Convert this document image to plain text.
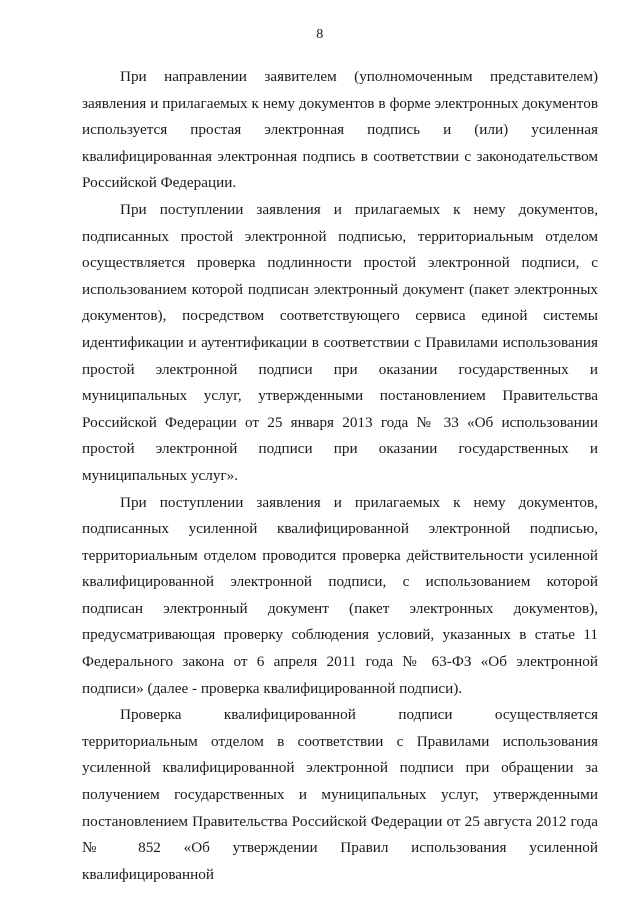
8

При направлении заявителем (уполномоченным представителем) заявления и прилагаемых к нему документов в форме электронных документов используется простая электронная подпись и (или) усиленная квалифицированная электронная подпись в соответствии с законодательством Российской Федерации.

При поступлении заявления и прилагаемых к нему документов, подписанных простой электронной подписью, территориальным отделом осуществляется проверка подлинности простой электронной подписи, с использованием которой подписан электронный документ (пакет электронных документов), посредством соответствующего сервиса единой системы идентификации и аутентификации в соответствии с Правилами использования простой электронной подписи при оказании государственных и муниципальных услуг, утвержденными постановлением Правительства Российской Федерации от 25 января 2013 года № 33 «Об использовании простой электронной подписи при оказании государственных и муниципальных услуг».

При поступлении заявления и прилагаемых к нему документов, подписанных усиленной квалифицированной электронной подписью, территориальным отделом проводится проверка действительности усиленной квалифицированной электронной подписи, с использованием которой подписан электронный документ (пакет электронных документов), предусматривающая проверку соблюдения условий, указанных в статье 11 Федерального закона от 6 апреля 2011 года № 63-ФЗ «Об электронной подписи» (далее - проверка квалифицированной подписи).

Проверка квалифицированной подписи осуществляется территориальным отделом в соответствии с Правилами использования усиленной квалифицированной электронной подписи при обращении за получением государственных и муниципальных услуг, утвержденными постановлением Правительства Российской Федерации от 25 августа 2012 года № 852 «Об утверждении Правил использования усиленной квалифицированной
